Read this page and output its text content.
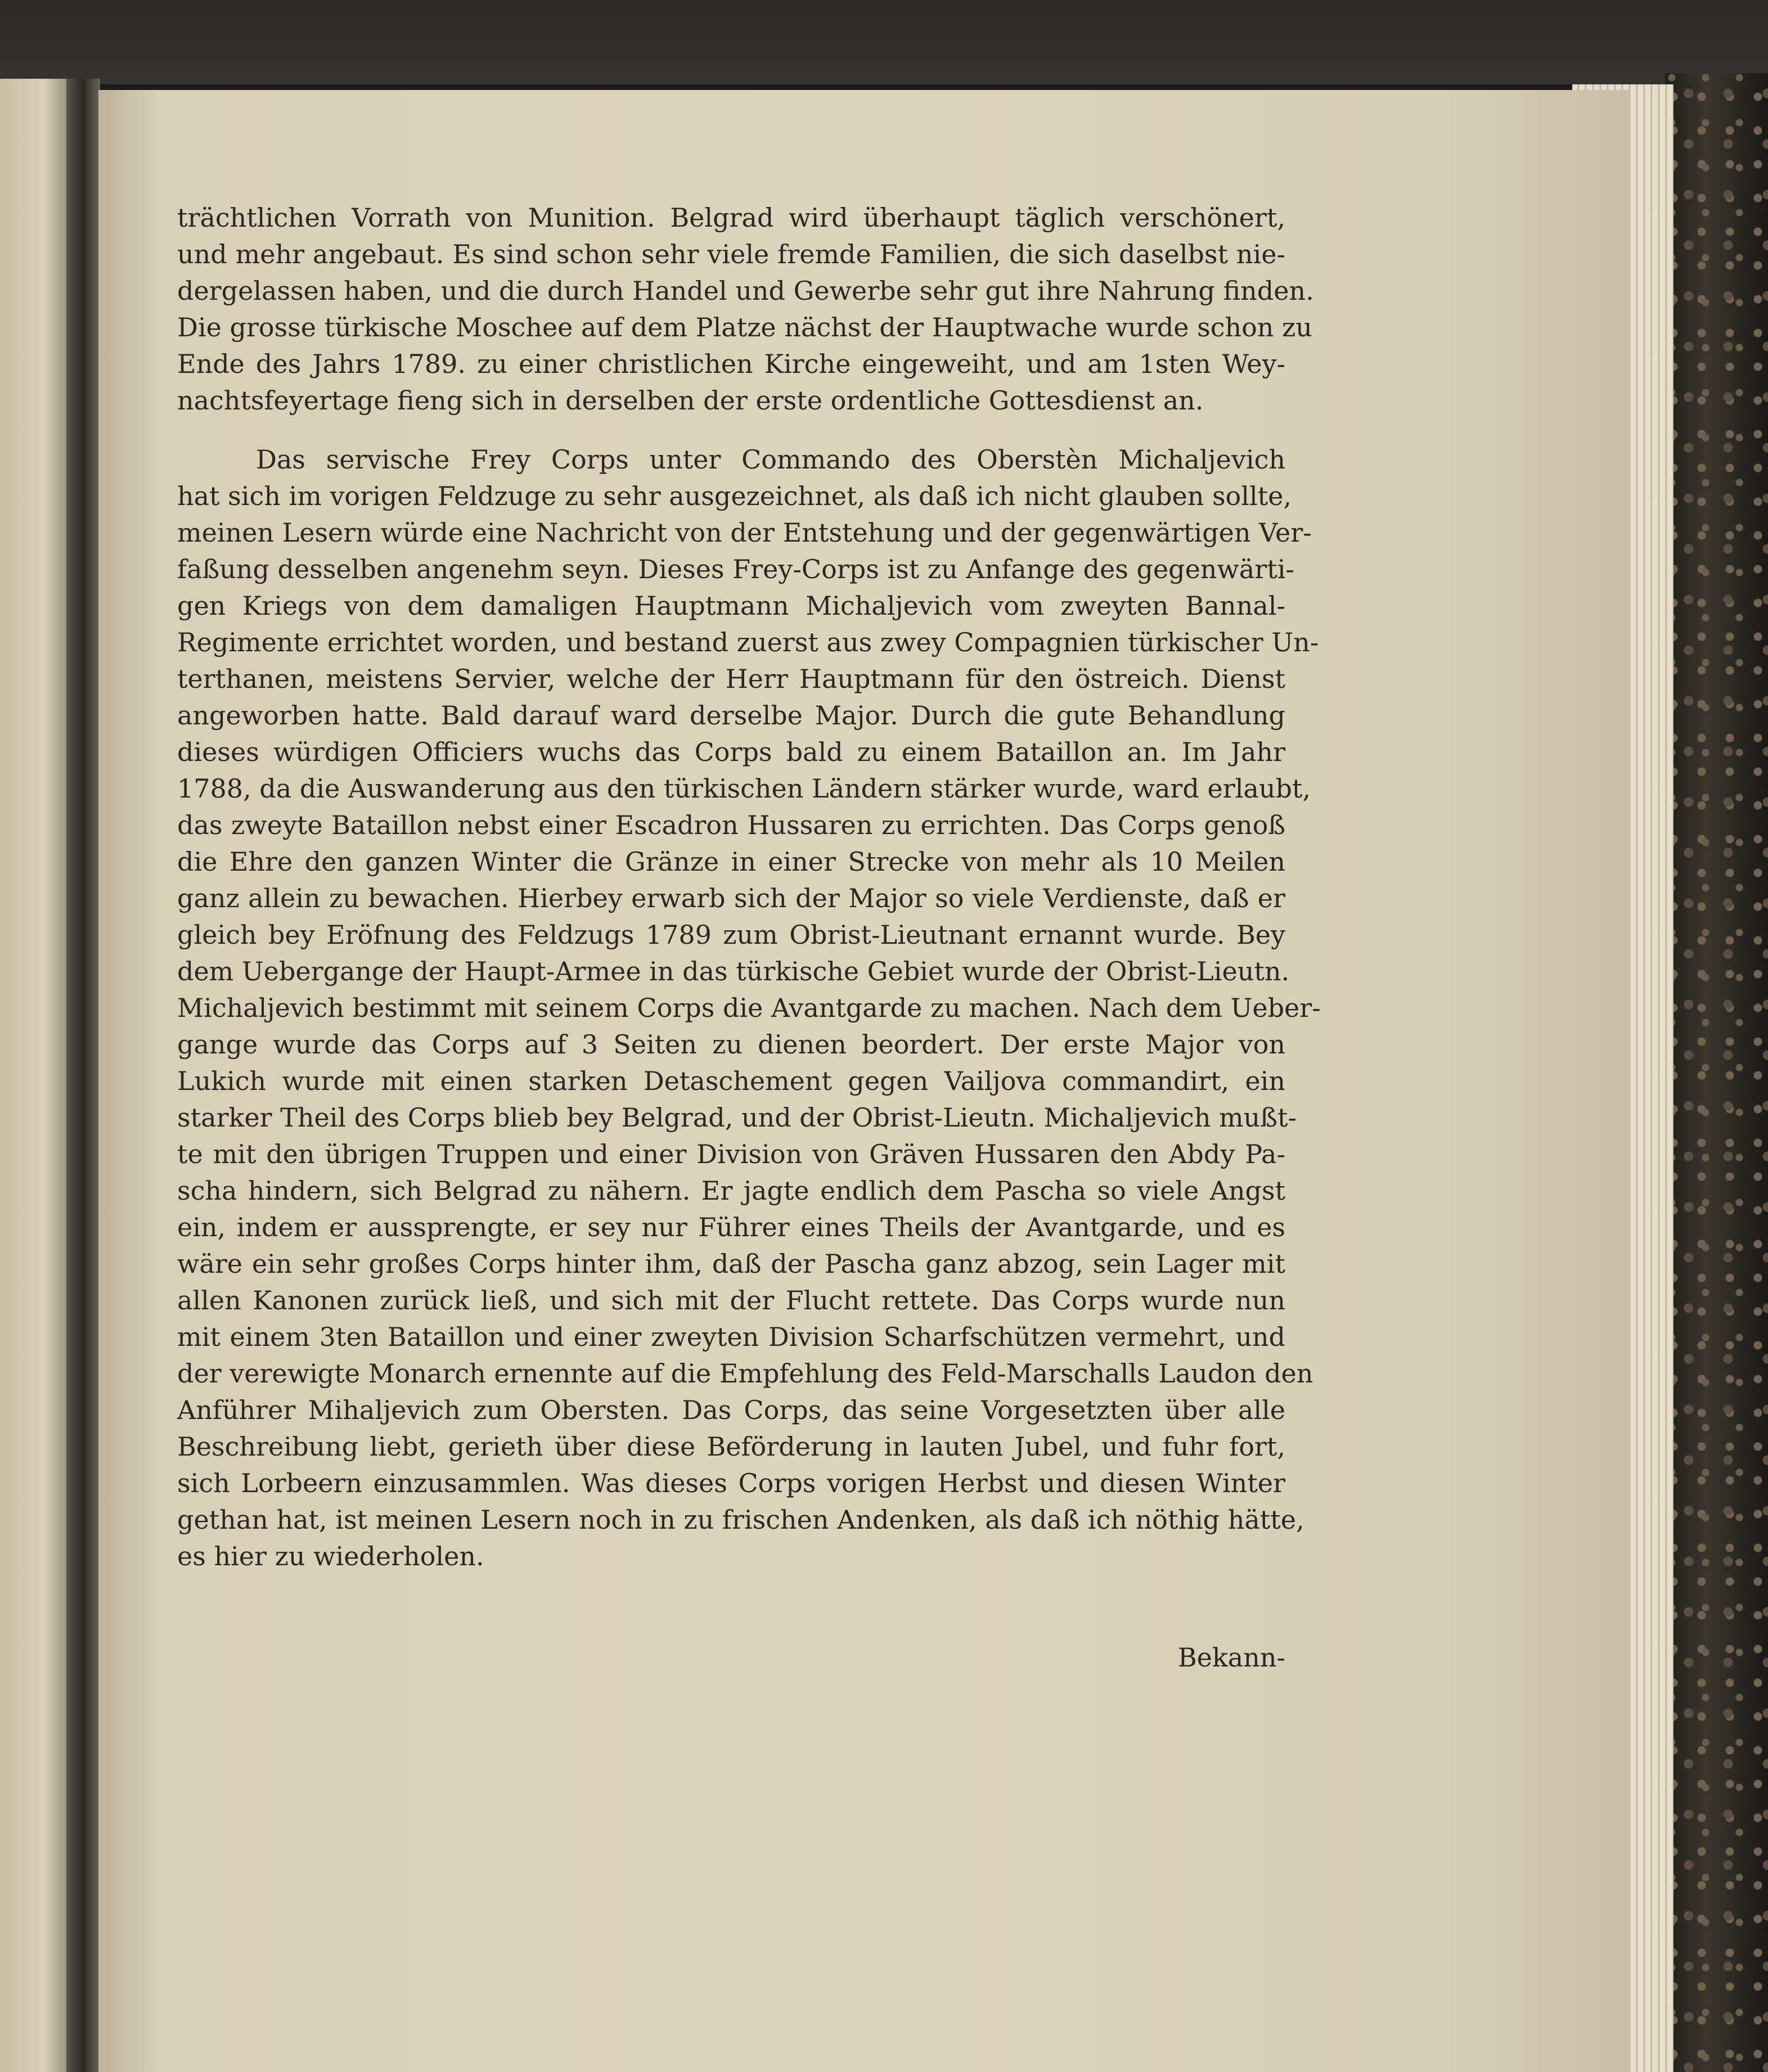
trächtlichen Vorrath von Munition. Belgrad wird überhaupt täglich verschönert,
und mehr angebaut. Es sind schon sehr viele fremde Familien, die sich daselbst nie-
dergelassen haben, und die durch Handel und Gewerbe sehr gut ihre Nahrung finden.
Die grosse türkische Moschee auf dem Platze nächst der Hauptwache wurde schon zu
Ende des Jahrs 1789. zu einer christlichen Kirche eingeweiht, und am 1sten Wey-
nachtsfeyertage fieng sich in derselben der erste ordentliche Gottesdienst an.
Das servische Frey Corps unter Commando des Oberstèn Michaljevich
hat sich im vorigen Feldzuge zu sehr ausgezeichnet, als daß ich nicht glauben sollte,
meinen Lesern würde eine Nachricht von der Entstehung und der gegenwärtigen Ver-
faßung desselben angenehm seyn. Dieses Frey-Corps ist zu Anfange des gegenwärti-
gen Kriegs von dem damaligen Hauptmann Michaljevich vom zweyten Bannal-
Regimente errichtet worden, und bestand zuerst aus zwey Compagnien türkischer Un-
terthanen, meistens Servier, welche der Herr Hauptmann für den östreich. Dienst
angeworben hatte. Bald darauf ward derselbe Major. Durch die gute Behandlung
dieses würdigen Officiers wuchs das Corps bald zu einem Bataillon an. Im Jahr
1788, da die Auswanderung aus den türkischen Ländern stärker wurde, ward erlaubt,
das zweyte Bataillon nebst einer Escadron Hussaren zu errichten. Das Corps genoß
die Ehre den ganzen Winter die Gränze in einer Strecke von mehr als 10 Meilen
ganz allein zu bewachen. Hierbey erwarb sich der Major so viele Verdienste, daß er
gleich bey Eröfnung des Feldzugs 1789 zum Obrist-Lieutnant ernannt wurde. Bey
dem Uebergange der Haupt-Armee in das türkische Gebiet wurde der Obrist-Lieutn.
Michaljevich bestimmt mit seinem Corps die Avantgarde zu machen. Nach dem Ueber-
gange wurde das Corps auf 3 Seiten zu dienen beordert. Der erste Major von
Lukich wurde mit einen starken Detaschement gegen Vailjova commandirt, ein
starker Theil des Corps blieb bey Belgrad, und der Obrist-Lieutn. Michaljevich mußt-
te mit den übrigen Truppen und einer Division von Gräven Hussaren den Abdy Pa-
scha hindern, sich Belgrad zu nähern. Er jagte endlich dem Pascha so viele Angst
ein, indem er aussprengte, er sey nur Führer eines Theils der Avantgarde, und es
wäre ein sehr großes Corps hinter ihm, daß der Pascha ganz abzog, sein Lager mit
allen Kanonen zurück ließ, und sich mit der Flucht rettete. Das Corps wurde nun
mit einem 3ten Bataillon und einer zweyten Division Scharfschützen vermehrt, und
der verewigte Monarch ernennte auf die Empfehlung des Feld-Marschalls Laudon den
Anführer Mihaljevich zum Obersten. Das Corps, das seine Vorgesetzten über alle
Beschreibung liebt, gerieth über diese Beförderung in lauten Jubel, und fuhr fort,
sich Lorbeern einzusammlen. Was dieses Corps vorigen Herbst und diesen Winter
gethan hat, ist meinen Lesern noch in zu frischen Andenken, als daß ich nöthig hätte,
es hier zu wiederholen.
Bekann-
